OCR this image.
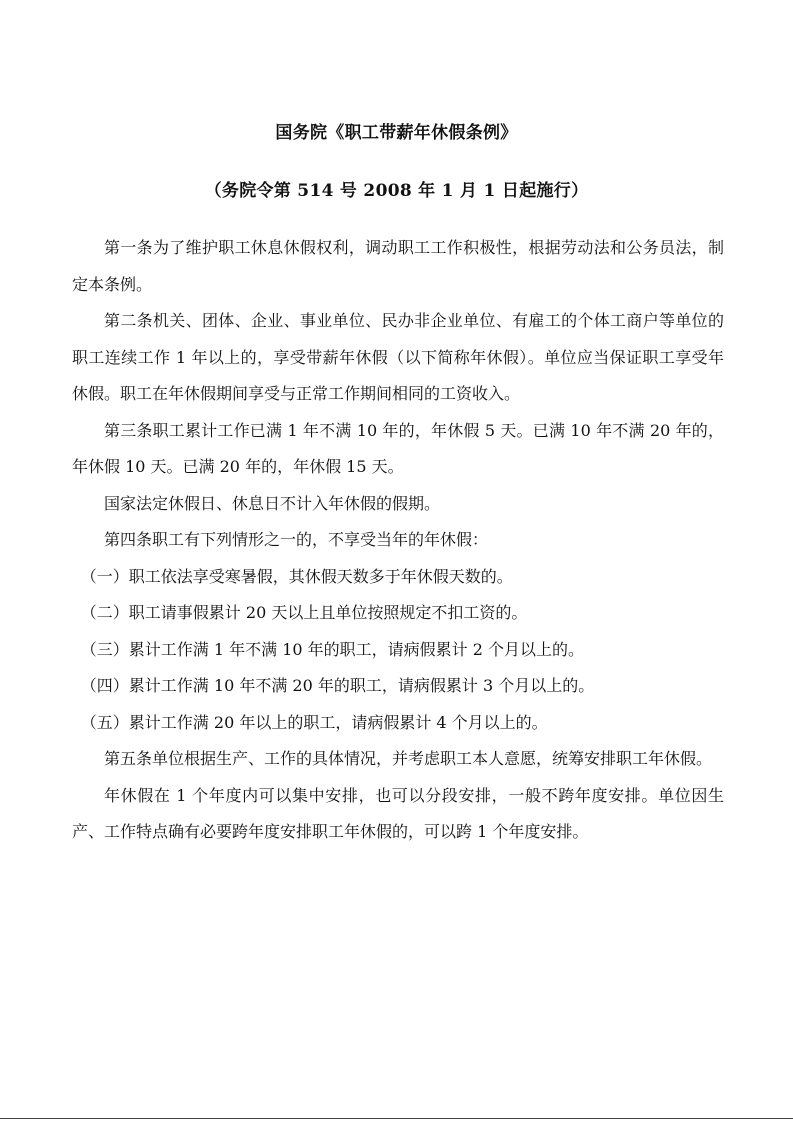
国务院《职工带薪年休假条例》
（务院令第 514 号 2008 年 1 月 1 日起施行）

第一条为了维护职工休息休假权利，调动职工工作积极性，根据劳动法和公务员法，制定本条例。

第二条机关、团体、企业、事业单位、民办非企业单位、有雇工的个体工商户等单位的职工连续工作 1 年以上的，享受带薪年休假（以下简称年休假）。单位应当保证职工享受年休假。职工在年休假期间享受与正常工作期间相同的工资收入。

第三条职工累计工作已满 1 年不满 10 年的，年休假 5 天。已满 10 年不满 20 年的，年休假 10 天。已满 20 年的，年休假 15 天。

国家法定休假日、休息日不计入年休假的假期。

第四条职工有下列情形之一的，不享受当年的年休假：

（一）职工依法享受寒暑假，其休假天数多于年休假天数的。

（二）职工请事假累计 20 天以上且单位按照规定不扣工资的。

（三）累计工作满 1 年不满 10 年的职工，请病假累计 2 个月以上的。

（四）累计工作满 10 年不满 20 年的职工，请病假累计 3 个月以上的。

（五）累计工作满 20 年以上的职工，请病假累计 4 个月以上的。

第五条单位根据生产、工作的具体情况，并考虑职工本人意愿，统筹安排职工年休假。

年休假在 1 个年度内可以集中安排，也可以分段安排，一般不跨年度安排。单位因生产、工作特点确有必要跨年度安排职工年休假的，可以跨 1 个年度安排。
